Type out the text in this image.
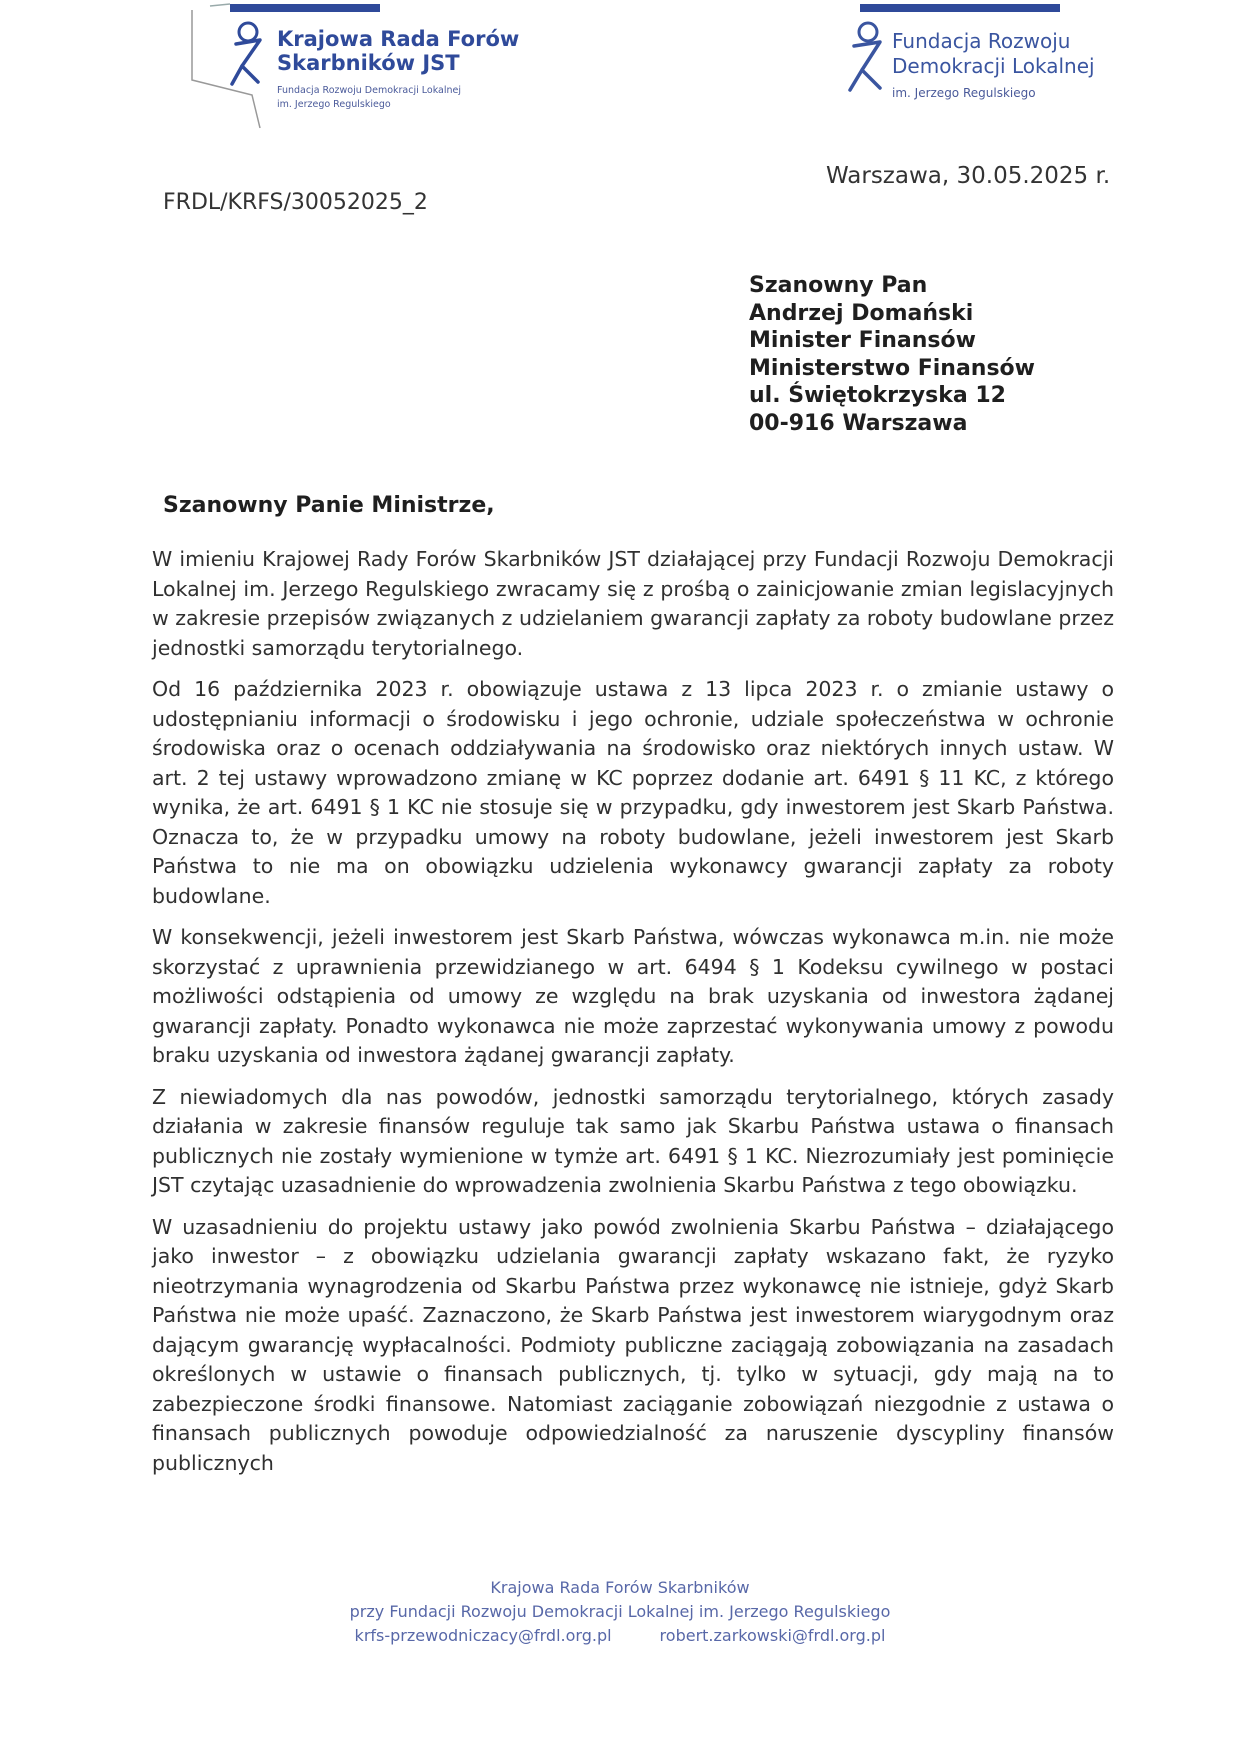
Krajowa Rada Forów
Skarbników JST
Fundacja Rozwoju Demokracji Lokalnej
im. Jerzego Regulskiego
Fundacja Rozwoju
Demokracji Lokalnej
im. Jerzego Regulskiego
FRDL/KRFS/30052025_2
Warszawa, 30.05.2025 r.
Szanowny Pan
Andrzej Domański
Minister Finansów
Ministerstwo Finansów
ul. Świętokrzyska 12
00-916 Warszawa
Szanowny Panie Ministrze,

W imieniu Krajowej Rady Forów Skarbników JST działającej przy Fundacji Rozwoju Demokracji Lokalnej im. Jerzego Regulskiego zwracamy się z prośbą o zainicjowanie zmian legislacyjnych w zakresie przepisów związanych z udzielaniem gwarancji zapłaty za roboty budowlane przez jednostki samorządu terytorialnego.

Od 16 października 2023 r. obowiązuje ustawa z 13 lipca 2023 r. o zmianie ustawy o udostępnianiu informacji o środowisku i jego ochronie, udziale społeczeństwa w ochronie środowiska oraz o ocenach oddziaływania na środowisko oraz niektórych innych ustaw. W art. 2 tej ustawy wprowadzono zmianę w KC poprzez dodanie art. 6491 § 11 KC, z którego wynika, że art. 6491 § 1 KC nie stosuje się w przypadku, gdy inwestorem jest Skarb Państwa. Oznacza to, że w przypadku umowy na roboty budowlane, jeżeli inwestorem jest Skarb Państwa to nie ma on obowiązku udzielenia wykonawcy gwarancji zapłaty za roboty budowlane.

W konsekwencji, jeżeli inwestorem jest Skarb Państwa, wówczas wykonawca m.in. nie może skorzystać z uprawnienia przewidzianego w art. 6494 § 1 Kodeksu cywilnego w postaci możliwości odstąpienia od umowy ze względu na brak uzyskania od inwestora żądanej gwarancji zapłaty. Ponadto wykonawca nie może zaprzestać wykonywania umowy z powodu braku uzyskania od inwestora żądanej gwarancji zapłaty.

Z niewiadomych dla nas powodów, jednostki samorządu terytorialnego, których zasady działania w zakresie finansów reguluje tak samo jak Skarbu Państwa ustawa o finansach publicznych nie zostały wymienione w tymże art. 6491 § 1 KC. Niezrozumiały jest pominięcie JST czytając uzasadnienie do wprowadzenia zwolnienia Skarbu Państwa z tego obowiązku.

W uzasadnieniu do projektu ustawy jako powód zwolnienia Skarbu Państwa – działającego jako inwestor – z obowiązku udzielania gwarancji zapłaty wskazano fakt, że ryzyko nieotrzymania wynagrodzenia od Skarbu Państwa przez wykonawcę nie istnieje, gdyż Skarb Państwa nie może upaść. Zaznaczono, że Skarb Państwa jest inwestorem wiarygodnym oraz dającym gwarancję wypłacalności. Podmioty publiczne zaciągają zobowiązania na zasadach określonych w ustawie o finansach publicznych, tj. tylko w sytuacji, gdy mają na to zabezpieczone środki finansowe. Natomiast zaciąganie zobowiązań niezgodnie z ustawa o finansach publicznych powoduje odpowiedzialność za naruszenie dyscypliny finansów publicznych

Krajowa Rada Forów Skarbników
przy Fundacji Rozwoju Demokracji Lokalnej im. Jerzego Regulskiego
krfs-przewodniczacy@frdl.org.pl	robert.zarkowski@frdl.org.pl
